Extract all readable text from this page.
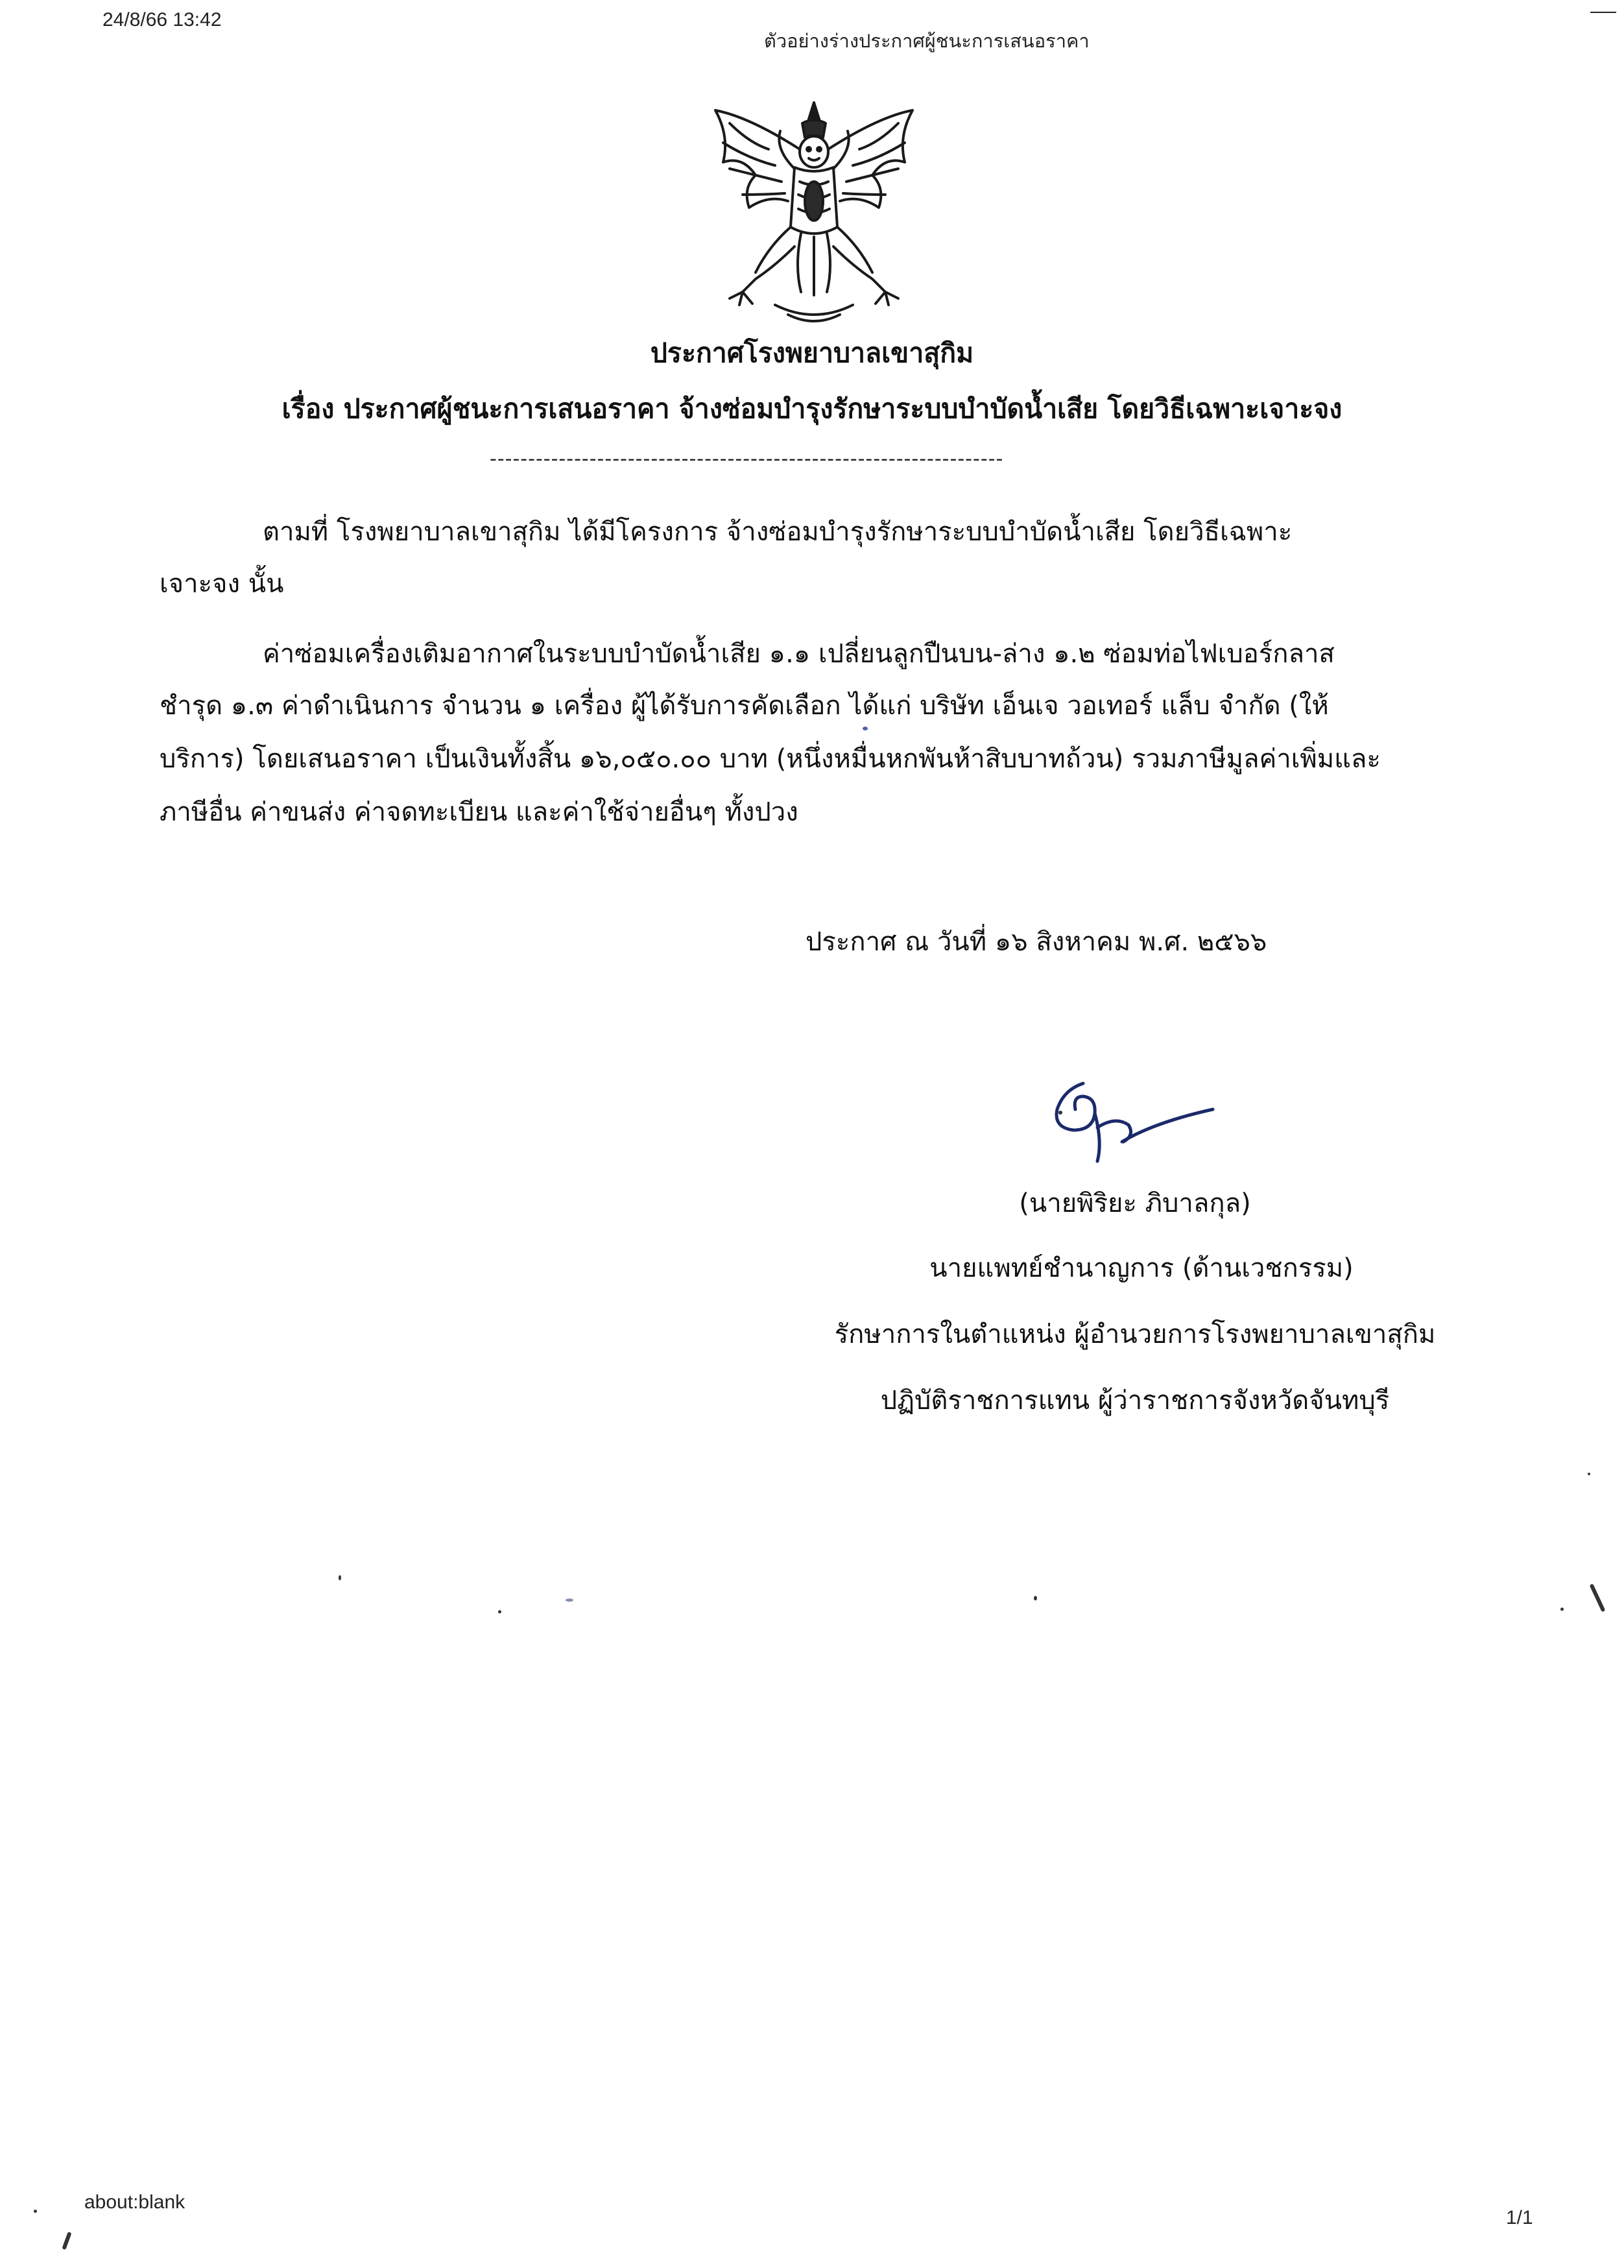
24/8/66 13:42
ตัวอย่างร่างประกาศผู้ชนะการเสนอราคา
ประกาศโรงพยาบาลเขาสุกิม
เรื่อง ประกาศผู้ชนะการเสนอราคา จ้างซ่อมบำรุงรักษาระบบบำบัดน้ำเสีย โดยวิธีเฉพาะเจาะจง
-------------------------------------------------------------------
ตามที่ โรงพยาบาลเขาสุกิม ได้มีโครงการ จ้างซ่อมบำรุงรักษาระบบบำบัดน้ำเสีย โดยวิธีเฉพาะ
เจาะจง นั้น
ค่าซ่อมเครื่องเติมอากาศในระบบบำบัดน้ำเสีย ๑.๑ เปลี่ยนลูกปืนบน-ล่าง ๑.๒ ซ่อมท่อไฟเบอร์กลาส
ชำรุด ๑.๓ ค่าดำเนินการ จำนวน ๑ เครื่อง ผู้ได้รับการคัดเลือก ได้แก่ บริษัท เอ็นเจ วอเทอร์ แล็บ จำกัด (ให้
บริการ) โดยเสนอราคา เป็นเงินทั้งสิ้น ๑๖,๐๕๐.๐๐ บาท (หนึ่งหมื่นหกพันห้าสิบบาทถ้วน) รวมภาษีมูลค่าเพิ่มและ
ภาษีอื่น ค่าขนส่ง ค่าจดทะเบียน และค่าใช้จ่ายอื่นๆ ทั้งปวง
ประกาศ ณ วันที่ ๑๖ สิงหาคม พ.ศ. ๒๕๖๖
(นายพิริยะ ภิบาลกุล)
นายแพทย์ชำนาญการ (ด้านเวชกรรม)
รักษาการในตำแหน่ง ผู้อำนวยการโรงพยาบาลเขาสุกิม
ปฏิบัติราชการแทน ผู้ว่าราชการจังหวัดจันทบุรี
about:blank
1/1
